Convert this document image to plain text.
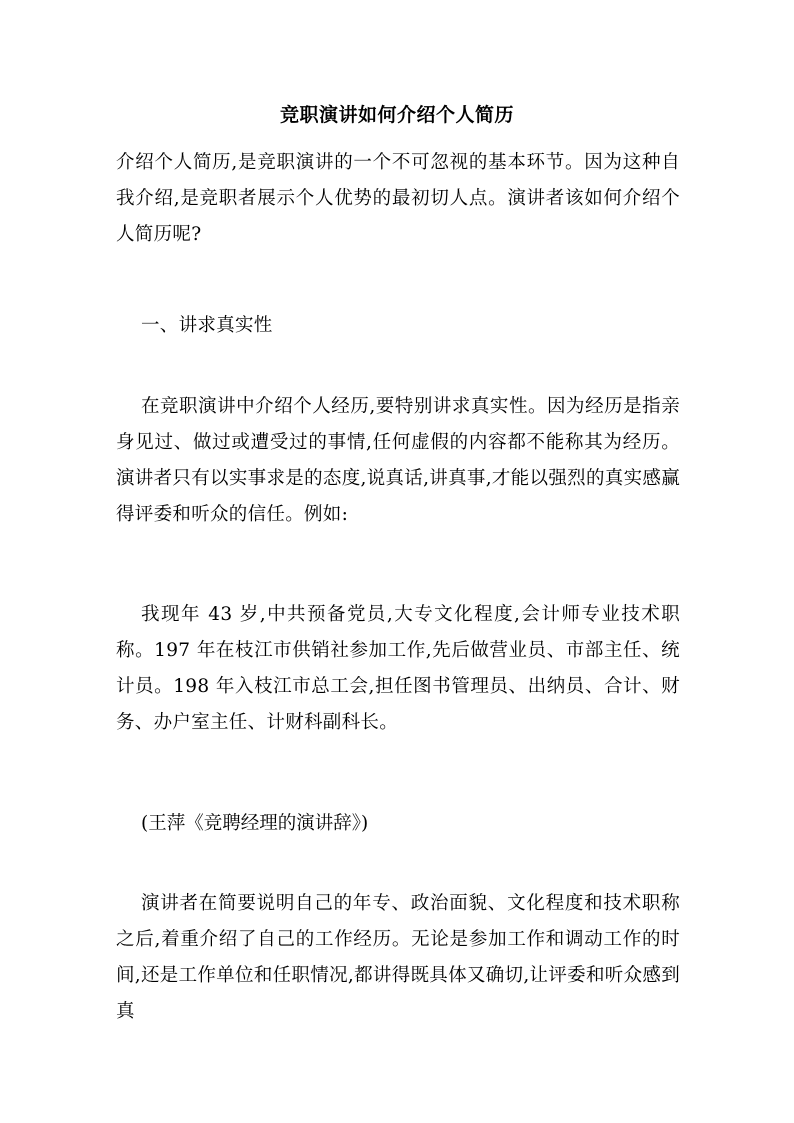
竞职演讲如何介绍个人简历

介绍个人简历,是竞职演讲的一个不可忽视的基本环节。因为这种自我介绍,是竞职者展示个人优势的最初切人点。演讲者该如何介绍个人简历呢?

一、讲求真实性

在竞职演讲中介绍个人经历,要特别讲求真实性。因为经历是指亲身见过、做过或遭受过的事情,任何虚假的内容都不能称其为经历。演讲者只有以实事求是的态度,说真话,讲真事,才能以强烈的真实感赢得评委和听众的信任。例如:

我现年 43 岁,中共预备党员,大专文化程度,会计师专业技术职称。197 年在枝江市供销社参加工作,先后做营业员、市部主任、统计员。198 年入枝江市总工会,担任图书管理员、出纳员、合计、财务、办户室主任、计财科副科长。

(王萍《竞聘经理的演讲辞》)

演讲者在简要说明自己的年专、政治面貌、文化程度和技术职称之后,着重介绍了自己的工作经历。无论是参加工作和调动工作的时间,还是工作单位和任职情况,都讲得既具体又确切,让评委和听众感到真
